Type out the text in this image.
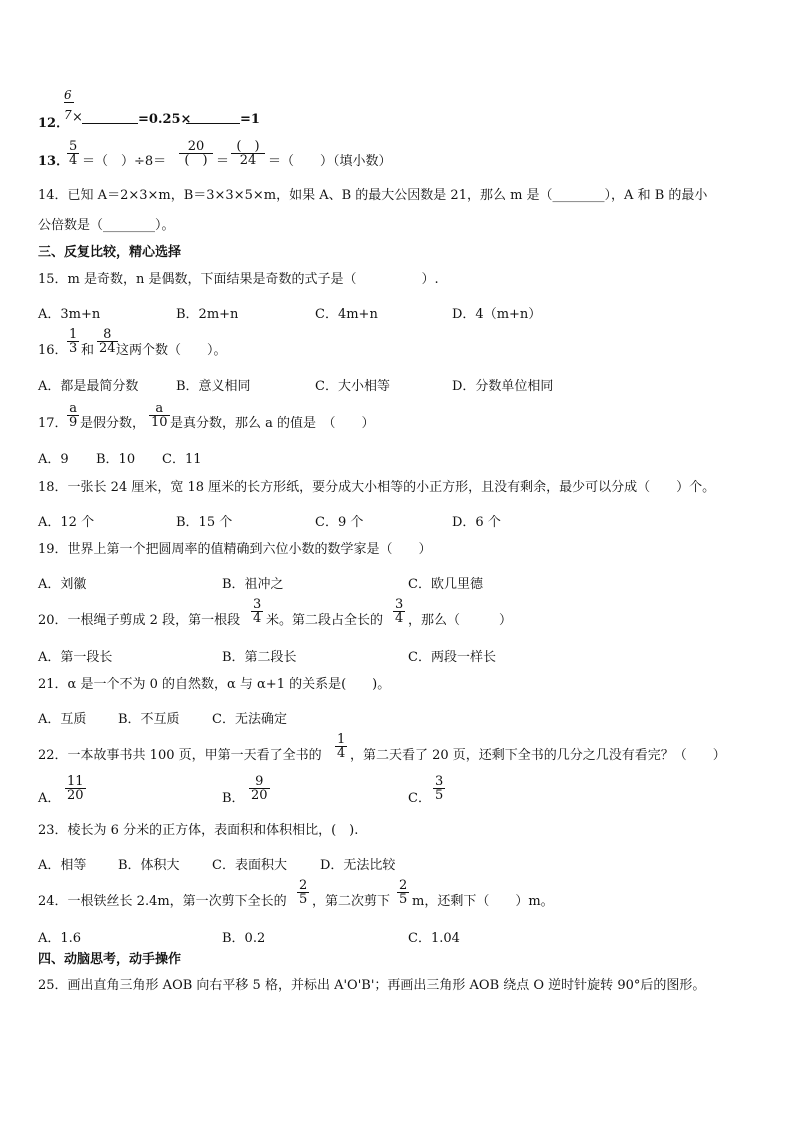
12．
6
7 ×	=0.25×	=1
13．
$\frac{5}{4}$ ＝（　）÷8＝
20
(　) ＝
(　)
24 ＝（　　）（填小数）
14．已知 A＝2×3×m，B＝3×3×5×m，如果 A、B 的最大公因数是 21，那么 m 是（________），A 和 B 的最小
公倍数是（________）。
三、反复比较，精心选择
15．m 是奇数，n 是偶数，下面结果是奇数的式子是（　　　　　）.
A．3m+n	B．2m+n	C．4m+n	D．4（m+n）
16． $\frac{1}{3}$ 和 $\frac{8}{24}$
这两个数（　　）。
A．都是最简分数	B．意义相同	C．大小相等	D．分数单位相同
17． $\frac{a}{9}$ 是假分数， $\frac{a}{10}$ 是真分数，那么 a 的值是　（　　）
A．9 B．10 C．11
18．一张长 24 厘米，宽 18 厘米的长方形纸，要分成大小相等的小正方形，且没有剩余，最少可以分成（　　）个。
A．12 个	B．15 个	C．9 个	D．6 个
19．世界上第一个把圆周率的值精确到六位小数的数学家是（　　）
A．刘徽	B．祖冲之	C．欧几里德
20．一根绳子剪成 2 段，第一根段 $\frac{3}{4}$ 米。第二段占全长的 $\frac{3}{4}$ ，那么（　　　）
A．第一段长	B．第二段长	C．两段一样长
21．α 是一个不为 0 的自然数，α 与 α+1 的关系是(　　)。
A．互质 B．不互质 C．无法确定
22．一本故事书共 100 页，甲第一天看了全书的 $\frac{1}{4}$ ，第二天看了 20 页，还剩下全书的几分之几没有看完？（　　）
A． $\frac{11}{20}$	B． $\frac{9}{20}$	C． $\frac{3}{5}$
23．棱长为 6 分米的正方体，表面积和体积相比，(　).
A．相等 B．体积大 C．表面积大	D．无法比较
24．一根铁丝长 2.4m，第一次剪下全长的 $\frac{2}{5}$ ，第二次剪下 $\frac{2}{5}$ m，还剩下（　　）m。
A．1.6	B．0.2	C．1.04
四、动脑思考，动手操作
25．画出直角三角形 AOB 向右平移 5 格，并标出 A'O'B'；再画出三角形 AOB 绕点 O 逆时针旋转 90°后的图形。
